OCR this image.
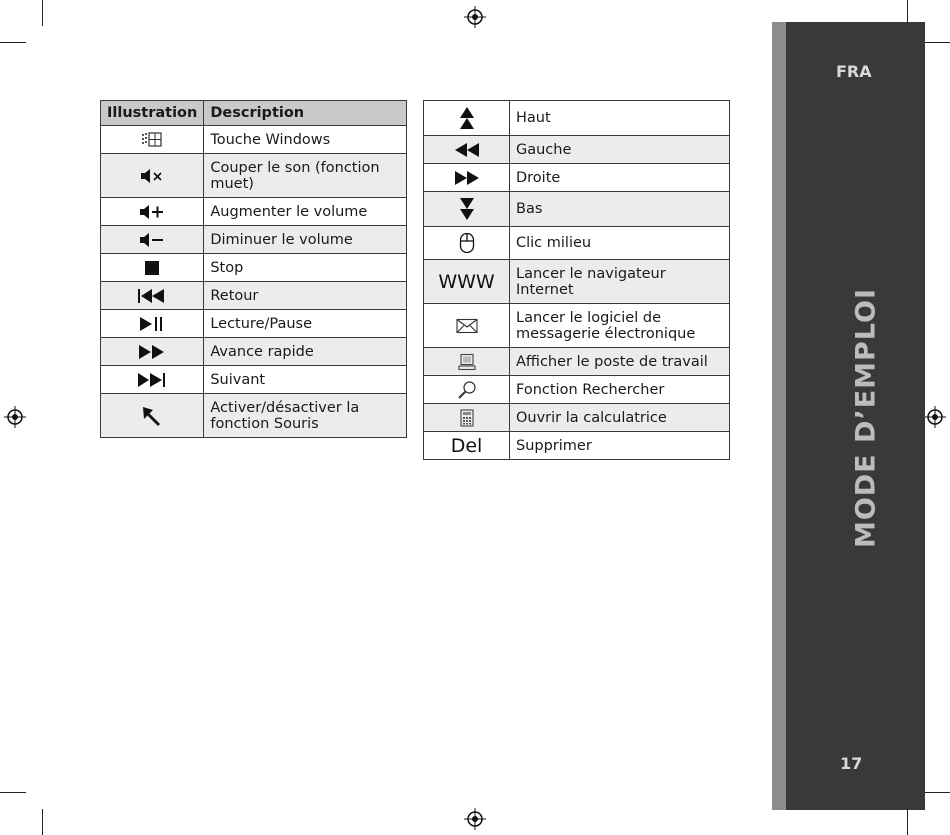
FRA
MODE D’EMPLOI
17
Illustration	Description
	Touche Windows
	Couper le son (fonction muet)
	Augmenter le volume
	Diminuer le volume
	Stop
	Retour
	Lecture/Pause
	Avance rapide
	Suivant
	Activer/désactiver la fonction Souris
	Haut
	Gauche
	Droite
	Bas
	Clic milieu
WWW	Lancer le navigateur Internet
	Lancer le logiciel de messagerie électronique
	Afficher le poste de travail
	Fonction Rechercher
	Ouvrir la calculatrice
Del	Supprimer
